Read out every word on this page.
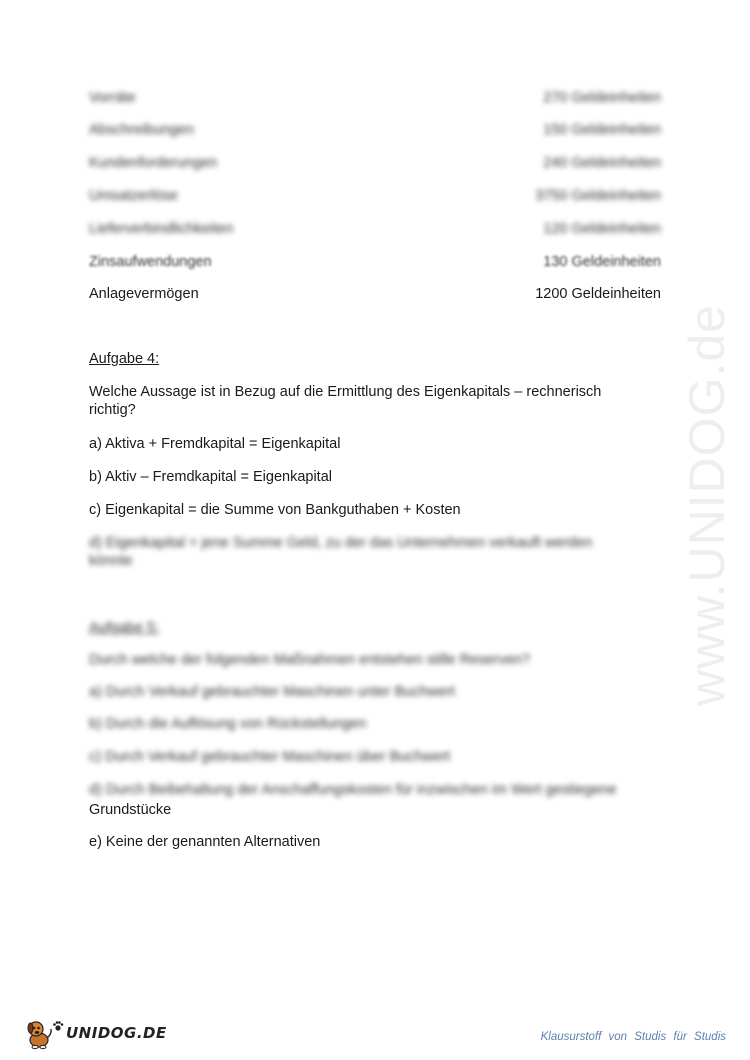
www.UNIDOG.de
Vorräte	270 Geldeinheiten
Abschreibungen	150 Geldeinheiten
Kundenforderungen	240 Geldeinheiten
Umsatzerlöse	3750 Geldeinheiten
Lieferverbindlichkeiten	120 Geldeinheiten
Zinsaufwendungen	130 Geldeinheiten
Anlagevermögen	1200 Geldeinheiten
Aufgabe 4:
Welche Aussage ist in Bezug auf die Ermittlung des Eigenkapitals – rechnerisch richtig?
a) Aktiva + Fremdkapital = Eigenkapital
b) Aktiv – Fremdkapital = Eigenkapital
c) Eigenkapital = die Summe von Bankguthaben + Kosten
d) Eigenkapital = jene Summe Geld, zu der das Unternehmen verkauft werden könnte
Aufgabe 5:
Durch welche der folgenden Maßnahmen entstehen stille Reserven?
a) Durch Verkauf gebrauchter Maschinen unter Buchwert
b) Durch die Auflösung von Rückstellungen
c) Durch Verkauf gebrauchter Maschinen über Buchwert
d) Durch Beibehaltung der Anschaffungskosten für inzwischen im Wert gestiegene
Grundstücke
e) Keine der genannten Alternativen
UNIDOG.DE	Klausurstoff von Studis für Studis
